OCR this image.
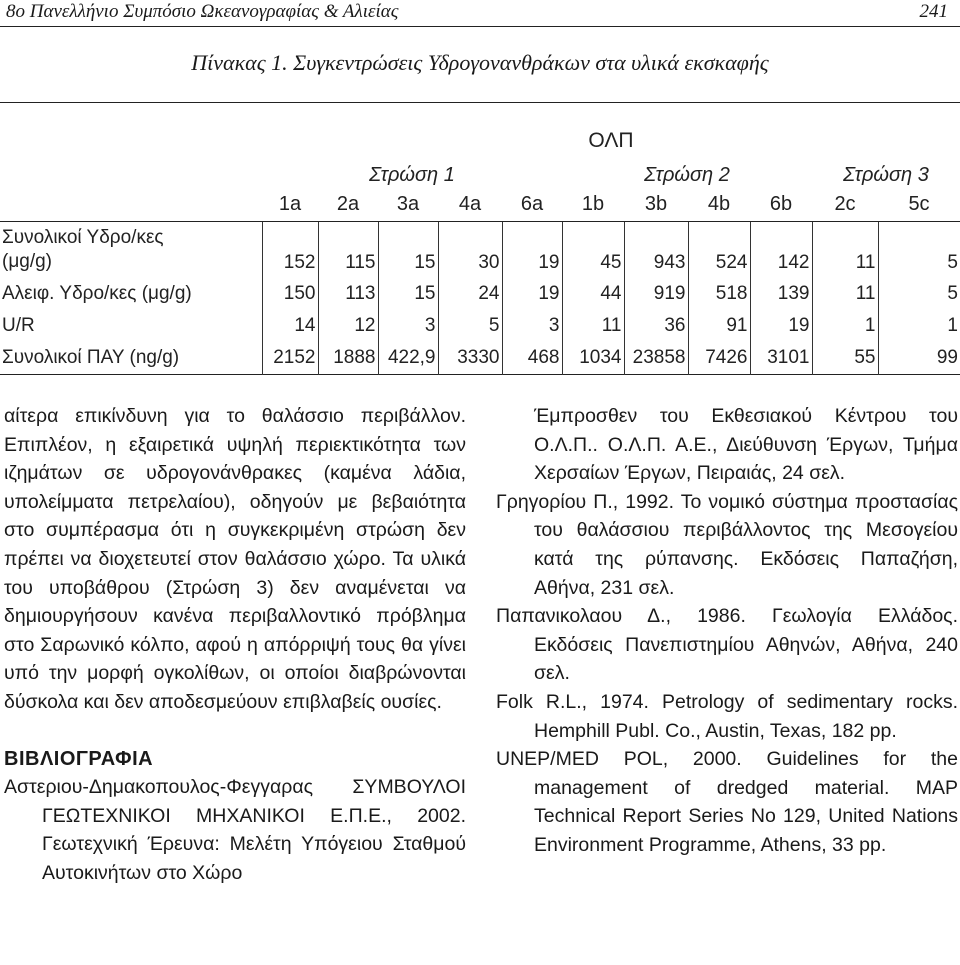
8ο Πανελλήνιο Συμπόσιο Ωκεανογραφίας & Αλιείας	241
Πίνακας 1. Συγκεντρώσεις Υδρογονανθράκων στα υλικά εκσκαφής
	ΟΛΠ										
	Στρώση 1					Στρώση 2				Στρώση 3	
	1a	2a	3a	4a	6a	1b	3b	4b	6b	2c	5c

Συνολικοί Υδρο/κες
(μg/g)	152	115	15	30	19	45	943	524	142	11	5
Αλειφ. Υδρο/κες (μg/g)	150	113	15	24	19	44	919	518	139	11	5
U/R	14	12	3	5	3	11	36	91	19	1	1
Συνολικοί ΠΑΥ (ng/g)	2152	1888	422,9	3330	468	1034	23858	7426	3101	55	99

αίτερα επικίνδυνη για το θαλάσσιο περιβάλλον. Επιπλέον, η εξαιρετικά υψηλή περιεκτικότητα των ιζημάτων σε υδρογονάνθρακες (καμένα λάδια, υπολείμματα πετρελαίου), οδηγούν με βεβαιότητα στο συμπέρασμα ότι η συγκεκριμένη στρώση δεν πρέπει να διοχετευτεί στον θαλάσσιο χώρο. Τα υλικά του υποβάθρου (Στρώση 3) δεν αναμένεται να δημιουργήσουν κανένα περιβαλλοντικό πρόβλημα στο Σαρωνικό κόλπο, αφού η απόρριψή τους θα γίνει υπό την μορφή ογκολίθων, οι οποίοι διαβρώνονται δύσκολα και δεν αποδεσμεύουν επιβλαβείς ουσίες.

ΒΙΒΛΙΟΓΡΑΦΙΑ

Αστεριου-Δημακοπουλος-Φεγγαρας ΣΥΜΒΟΥΛΟΙ ΓΕΩΤΕΧΝΙΚΟΙ ΜΗΧΑΝΙΚΟΙ Ε.Π.Ε., 2002. Γεωτεχνική Έρευνα: Μελέτη Υπόγειου Σταθμού Αυτοκινήτων στο Χώρο

Έμπροσθεν του Εκθεσιακού Κέντρου του Ο.Λ.Π.. Ο.Λ.Π. Α.Ε., Διεύθυνση Έργων, Τμήμα Χερσαίων Έργων, Πειραιάς, 24 σελ.

Γρηγορίου Π., 1992. Το νομικό σύστημα προστασίας του θαλάσσιου περιβάλλοντος της Μεσογείου κατά της ρύπανσης. Εκδόσεις Παπαζήση, Αθήνα, 231 σελ.

Παπανικολαου Δ., 1986. Γεωλογία Ελλάδος. Εκδόσεις Πανεπιστημίου Αθηνών, Αθήνα, 240 σελ.

Folk R.L., 1974. Petrology of sedimentary rocks. Hemphill Publ. Co., Austin, Texas, 182 pp.

UNEP/MED POL, 2000. Guidelines for the management of dredged material. MAP Technical Report Series No 129, United Nations Environment Programme, Athens, 33 pp.
